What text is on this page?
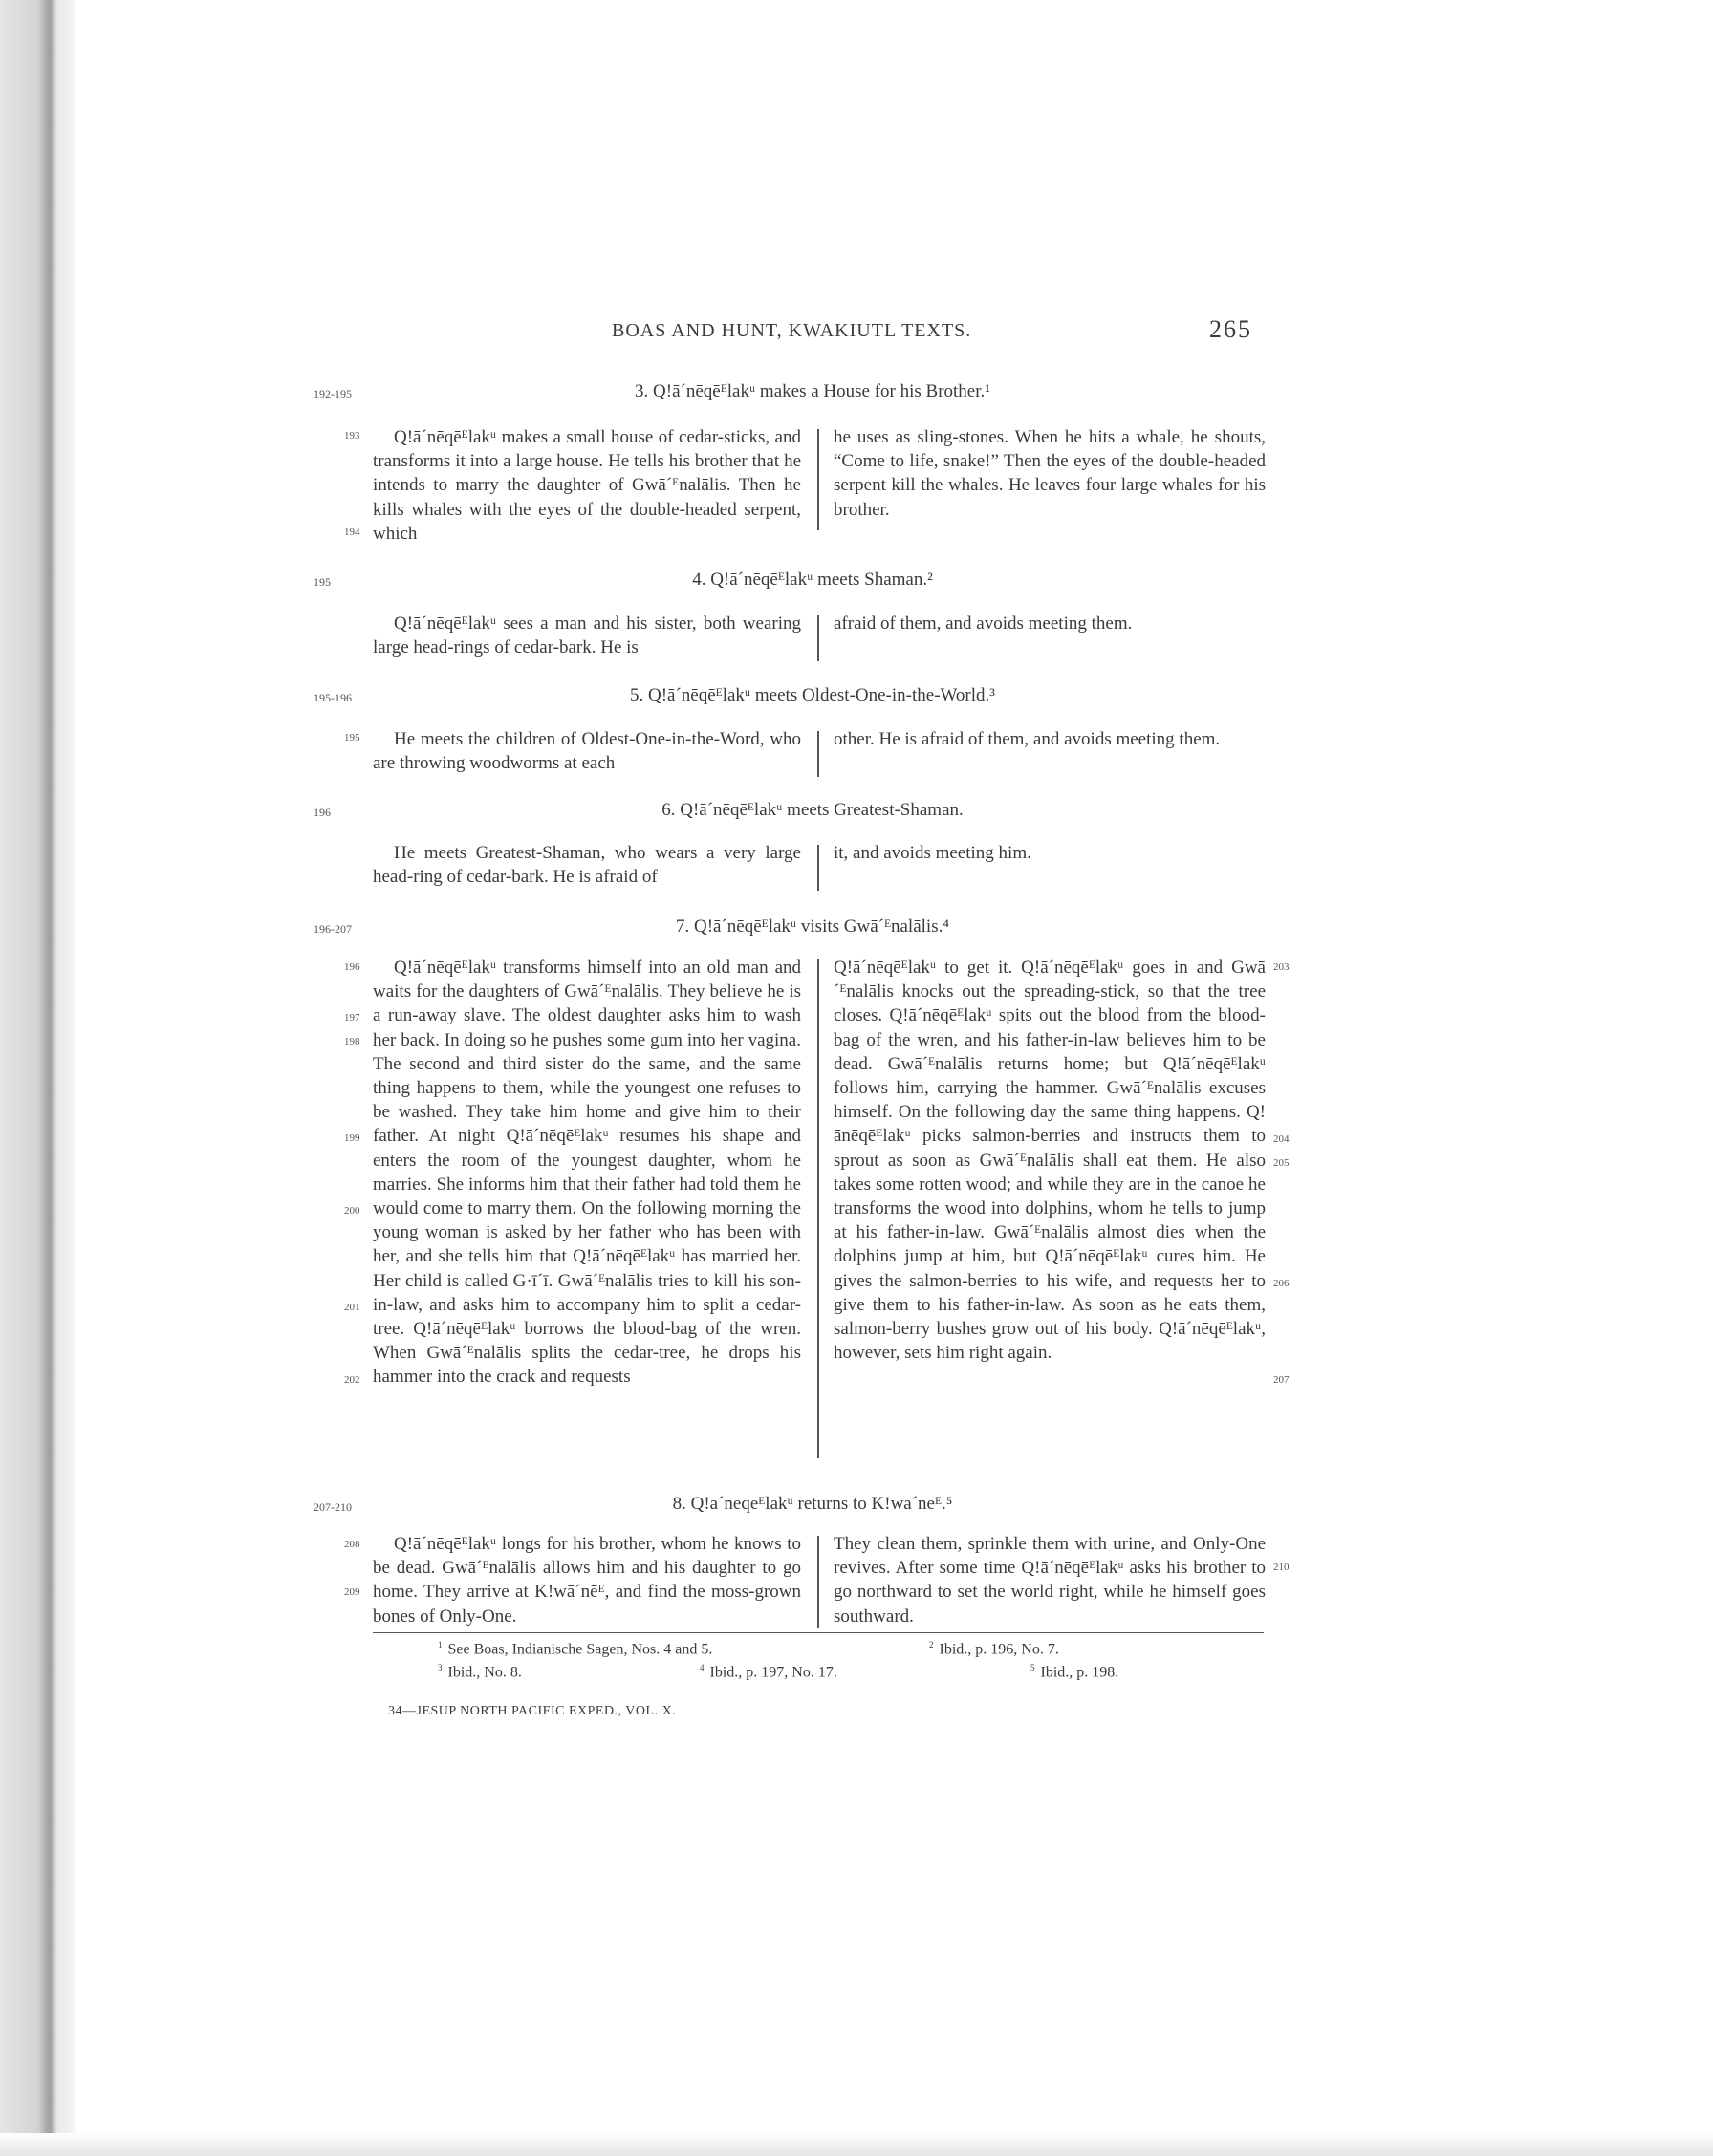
BOAS AND HUNT, KWAKIUTL TEXTS.	265
192-195	3. Q!ā´nēqēᴱlakᵘ makes a House for his Brother.¹

Q!ā´nēqēᴱlakᵘ makes a small house of cedar-sticks, and transforms it into a large house. He tells his brother that he intends to marry the daughter of Gwā´ᴱnalālis. Then he kills whales with the eyes of the double-headed serpent, which

he uses as sling-stones. When he hits a whale, he shouts, “Come to life, snake!” Then the eyes of the double-headed serpent kill the whales. He leaves four large whales for his brother.

193
194
195	4. Q!ā´nēqēᴱlakᵘ meets Shaman.²

Q!ā´nēqēᴱlakᵘ sees a man and his sister, both wearing large head-rings of cedar-bark. He is

afraid of them, and avoids meeting them.

195-196	5. Q!ā´nēqēᴱlakᵘ meets Oldest-One-in-the-World.³

He meets the children of Oldest-One-in-the-Word, who are throwing woodworms at each

other. He is afraid of them, and avoids meeting them.

195
196	6. Q!ā´nēqēᴱlakᵘ meets Greatest-Shaman.

He meets Greatest-Shaman, who wears a very large head-ring of cedar-bark. He is afraid of

it, and avoids meeting him.

196-207	7. Q!ā´nēqēᴱlakᵘ visits Gwā´ᴱnalālis.⁴

Q!ā´nēqēᴱlakᵘ transforms himself into an old man and waits for the daughters of Gwā´ᴱnalālis. They believe he is a run-away slave. The oldest daughter asks him to wash her back. In doing so he pushes some gum into her vagina. The second and third sister do the same, and the same thing happens to them, while the youngest one refuses to be washed. They take him home and give him to their father. At night Q!ā´nēqēᴱlakᵘ resumes his shape and enters the room of the youngest daughter, whom he marries. She informs him that their father had told them he would come to marry them. On the following morning the young woman is asked by her father who has been with her, and she tells him that Q!ā´nēqēᴱlakᵘ has married her. Her child is called G·ī´ī. Gwā´ᴱnalālis tries to kill his son-in-law, and asks him to accompany him to split a cedar-tree. Q!ā´nēqēᴱlakᵘ borrows the blood-bag of the wren. When Gwā´ᴱnalālis splits the cedar-tree, he drops his hammer into the crack and requests

Q!ā´nēqēᴱlakᵘ to get it. Q!ā´nēqēᴱlakᵘ goes in and Gwā´ᴱnalālis knocks out the spreading-stick, so that the tree closes. Q!ā´nēqēᴱlakᵘ spits out the blood from the blood-bag of the wren, and his father-in-law believes him to be dead. Gwā´ᴱnalālis returns home; but Q!ā´nēqēᴱlakᵘ follows him, carrying the hammer. Gwā´ᴱnalālis excuses himself. On the following day the same thing happens. Q!ānēqēᴱlakᵘ picks salmon-berries and instructs them to sprout as soon as Gwā´ᴱnalālis shall eat them. He also takes some rotten wood; and while they are in the canoe he transforms the wood into dolphins, whom he tells to jump at his father-in-law. Gwā´ᴱnalālis almost dies when the dolphins jump at him, but Q!ā´nēqēᴱlakᵘ cures him. He gives the salmon-berries to his wife, and requests her to give them to his father-in-law. As soon as he eats them, salmon-berry bushes grow out of his body. Q!ā´nēqēᴱlakᵘ, however, sets him right again.

196
197
198
199
200
201
202
203
204
205
206
207
207-210	8. Q!ā´nēqēᴱlakᵘ returns to K!wā´nēᴱ.⁵

Q!ā´nēqēᴱlakᵘ longs for his brother, whom he knows to be dead. Gwā´ᴱnalālis allows him and his daughter to go home. They arrive at K!wā´nēᴱ, and find the moss-grown bones of Only-One.

They clean them, sprinkle them with urine, and Only-One revives. After some time Q!ā´nēqēᴱlakᵘ asks his brother to go northward to set the world right, while he himself goes southward.

208
209
210
$^1$ See Boas, Indianische Sagen, Nos. 4 and 5.	$^2$ Ibid., p. 196, No. 7.
$^3$ Ibid., No. 8.	$^4$ Ibid., p. 197, No. 17.	$^5$ Ibid., p. 198.
34—JESUP NORTH PACIFIC EXPED., VOL. X.
